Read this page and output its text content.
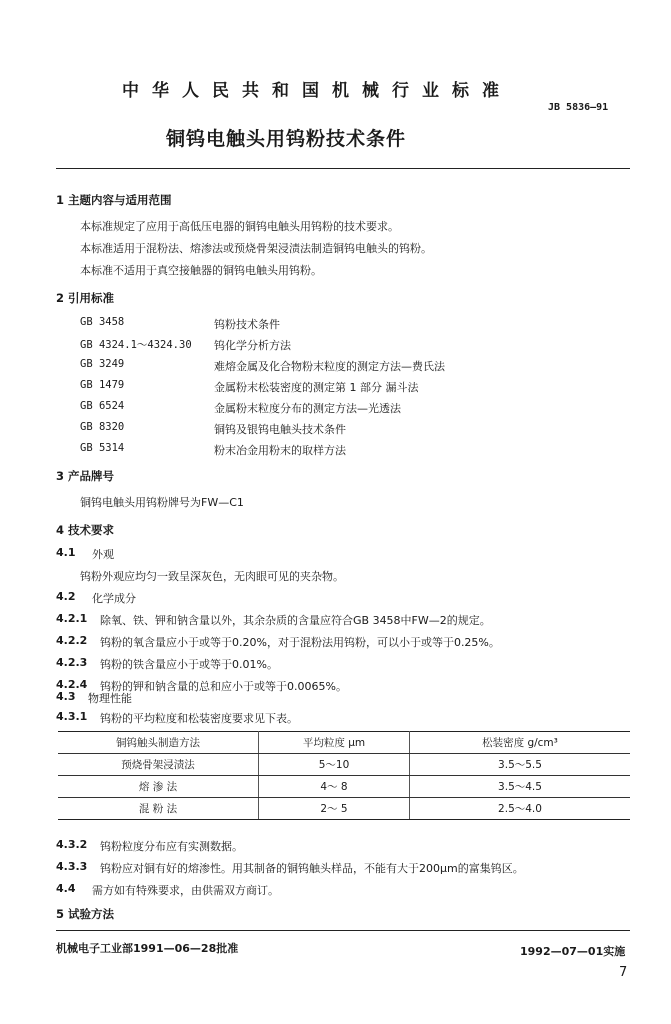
中华人民共和国机械行业标准
JB 5836—91
铜钨电触头用钨粉技术条件
1 主题内容与适用范围
本标准规定了应用于高低压电器的铜钨电触头用钨粉的技术要求。
本标准适用于混粉法、熔渗法或预烧骨架浸渍法制造铜钨电触头的钨粉。
本标准不适用于真空接触器的铜钨电触头用钨粉。
2 引用标准
GB 3458	钨粉技术条件
GB 4324.1～4324.30 钨化学分析方法
GB 3249	难熔金属及化合物粉末粒度的测定方法—费氏法
GB 1479	金属粉末松装密度的测定第 1 部分 漏斗法
GB 6524	金属粉末粒度分布的测定方法—光透法
GB 8320	铜钨及银钨电触头技术条件
GB 5314	粉末冶金用粉末的取样方法
3 产品牌号
铜钨电触头用钨粉牌号为FW—C1
4 技术要求
4.1 外观
钨粉外观应均匀一致呈深灰色，无肉眼可见的夹杂物。
4.2 化学成分
4.2.1 除氧、铁、钾和钠含量以外，其余杂质的含量应符合GB 3458中FW—2的规定。
4.2.2 钨粉的氧含量应小于或等于0.20%，对于混粉法用钨粉，可以小于或等于0.25%。
4.2.3 钨粉的铁含量应小于或等于0.01%。
4.2.4 钨粉的钾和钠含量的总和应小于或等于0.0065%。
4.3 物理性能
4.3.1 钨粉的平均粒度和松装密度要求见下表。
铜钨触头制造方法	平均粒度 μm	松装密度 g/cm³
预烧骨架浸渍法	5～10	3.5～5.5
熔 渗 法	4～ 8	3.5～4.5
混 粉 法	2～ 5	2.5～4.0
4.3.2 钨粉粒度分布应有实测数据。
4.3.3 钨粉应对铜有好的熔渗性。用其制备的铜钨触头样品，不能有大于200μm的富集钨区。
4.4 需方如有特殊要求，由供需双方商订。
5 试验方法
机械电子工业部1991—06—28批准	1992—07—01实施
7
